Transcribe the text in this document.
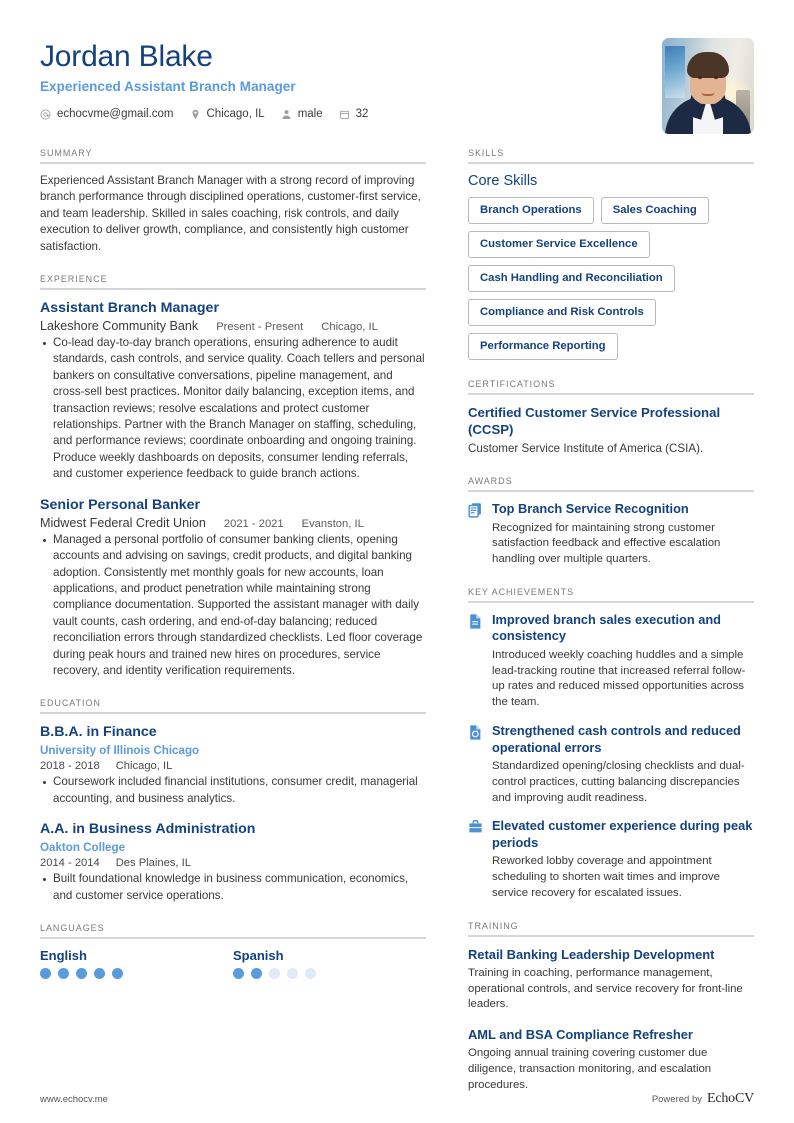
Jordan Blake
Experienced Assistant Branch Manager
echocvme@gmail.com	Chicago, IL	male	32
SUMMARY
Experienced Assistant Branch Manager with a strong record of improving branch performance through disciplined operations, customer-first service, and team leadership. Skilled in sales coaching, risk controls, and daily execution to deliver growth, compliance, and consistently high customer satisfaction.
EXPERIENCE
Assistant Branch Manager
Lakeshore Community Bank Present - Present Chicago, IL
Co-lead day-to-day branch operations, ensuring adherence to audit standards, cash controls, and service quality. Coach tellers and personal bankers on consultative conversations, pipeline management, and cross-sell best practices. Monitor daily balancing, exception items, and transaction reviews; resolve escalations and protect customer relationships. Partner with the Branch Manager on staffing, scheduling, and performance reviews; coordinate onboarding and ongoing training. Produce weekly dashboards on deposits, consumer lending referrals, and customer experience feedback to guide branch actions.
Senior Personal Banker
Midwest Federal Credit Union 2021 - 2021 Evanston, IL
Managed a personal portfolio of consumer banking clients, opening accounts and advising on savings, credit products, and digital banking adoption. Consistently met monthly goals for new accounts, loan applications, and product penetration while maintaining strong compliance documentation. Supported the assistant manager with daily vault counts, cash ordering, and end-of-day balancing; reduced reconciliation errors through standardized checklists. Led floor coverage during peak hours and trained new hires on procedures, service recovery, and identity verification requirements.
EDUCATION
B.B.A. in Finance
University of Illinois Chicago
2018 - 2018 Chicago, IL
Coursework included financial institutions, consumer credit, managerial accounting, and business analytics.
A.A. in Business Administration
Oakton College
2014 - 2014 Des Plaines, IL
Built foundational knowledge in business communication, economics, and customer service operations.
LANGUAGES
English	Spanish
SKILLS
Core Skills
Branch Operations	Sales Coaching
Customer Service Excellence
Cash Handling and Reconciliation
Compliance and Risk Controls
Performance Reporting
CERTIFICATIONS
Certified Customer Service Professional (CCSP)
Customer Service Institute of America (CSIA).
AWARDS
Top Branch Service Recognition
Recognized for maintaining strong customer satisfaction feedback and effective escalation handling over multiple quarters.
KEY ACHIEVEMENTS
Improved branch sales execution and consistency
Introduced weekly coaching huddles and a simple lead-tracking routine that increased referral follow-up rates and reduced missed opportunities across the team.
Strengthened cash controls and reduced operational errors
Standardized opening/closing checklists and dual-control practices, cutting balancing discrepancies and improving audit readiness.
Elevated customer experience during peak periods
Reworked lobby coverage and appointment scheduling to shorten wait times and improve service recovery for escalated issues.
TRAINING
Retail Banking Leadership Development
Training in coaching, performance management, operational controls, and service recovery for front-line leaders.
AML and BSA Compliance Refresher
Ongoing annual training covering customer due diligence, transaction monitoring, and escalation procedures.
www.echocv.me	Powered by EchoCV
